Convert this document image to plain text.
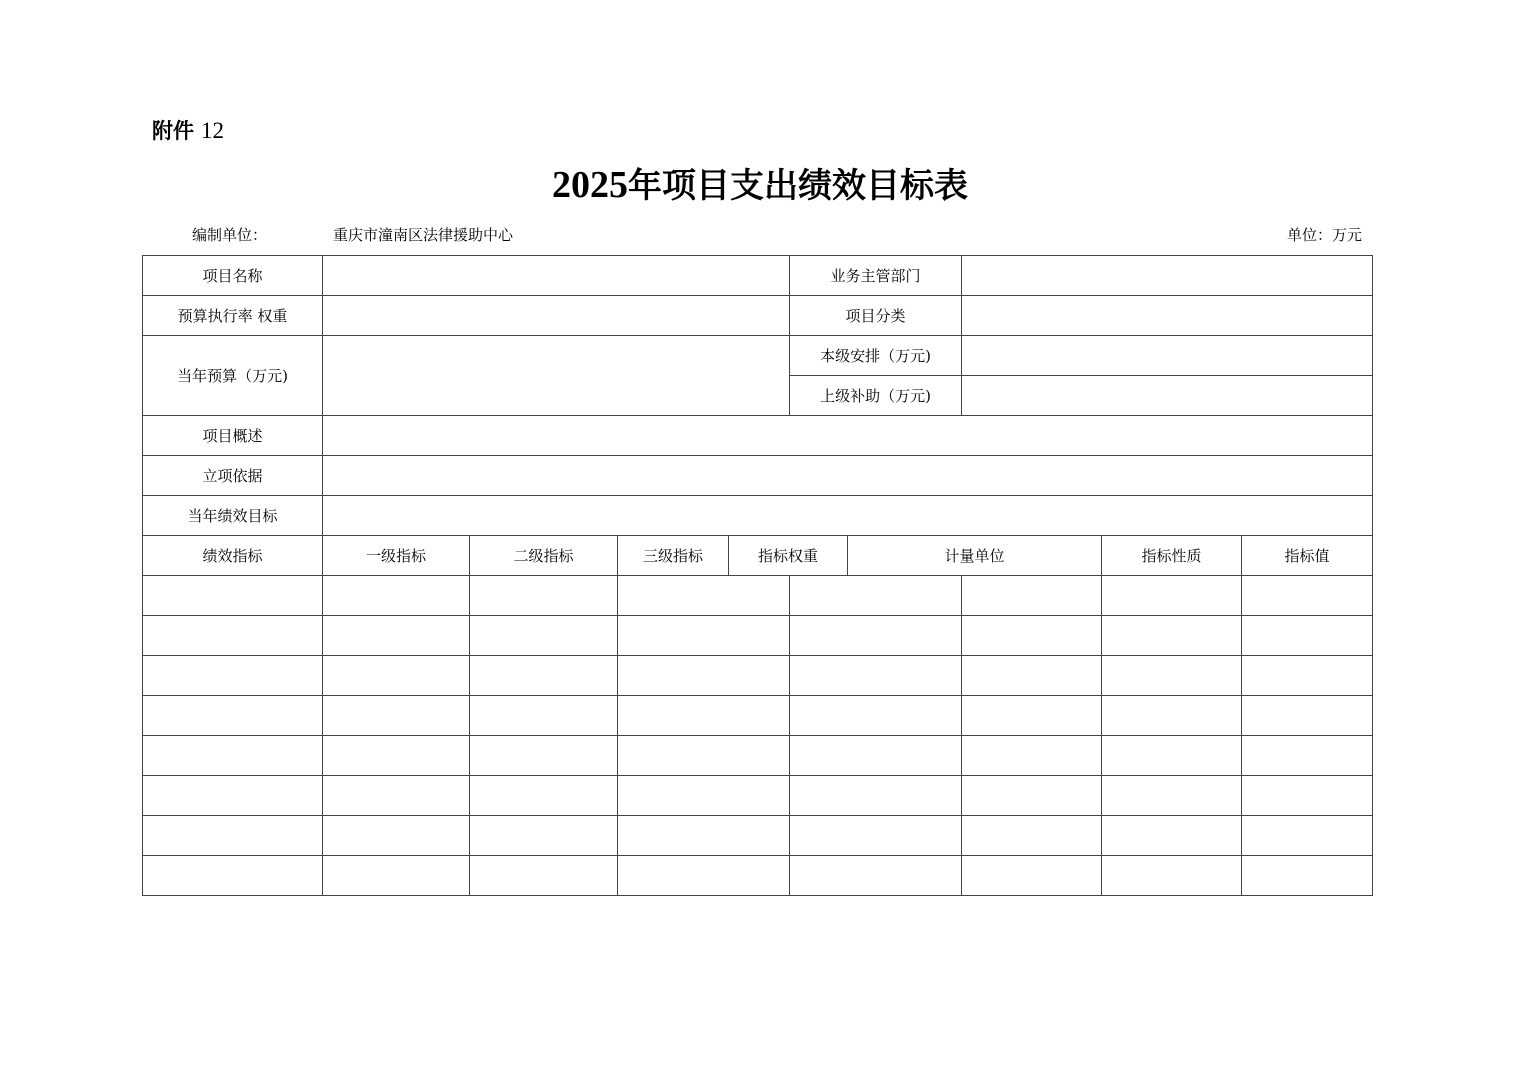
附件 12
2025年项目支出绩效目标表
编制单位：	重庆市潼南区法律援助中心	单位：万元
项目名称					业务主管部门					
预算执行率 权重					项目分类					
当年预算（万元)					本级安排（万元)					
					上级补助（万元)					
项目概述										
立项依据										
当年绩效目标										
绩效指标	一级指标	二级指标	三级指标	指标权重		计量单位		指标性质	指标值	
